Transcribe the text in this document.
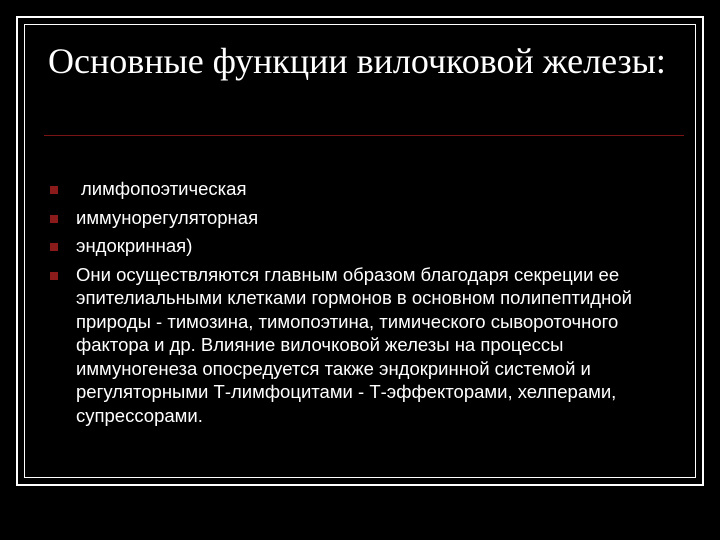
Основные функции вилочковой железы:
лимфопоэтическая
иммунорегуляторная
эндокринная)
Они осуществляются главным образом благодаря секреции ее эпителиальными клетками гормонов в основном полипептидной природы - тимозина, тимопоэтина, тимического сывороточного фактора и др. Влияние вилочковой железы на процессы иммуногенеза опосредуется также эндокринной системой и регуляторными Т-лимфоцитами - Т-эффекторами, хелперами, супрессорами.
